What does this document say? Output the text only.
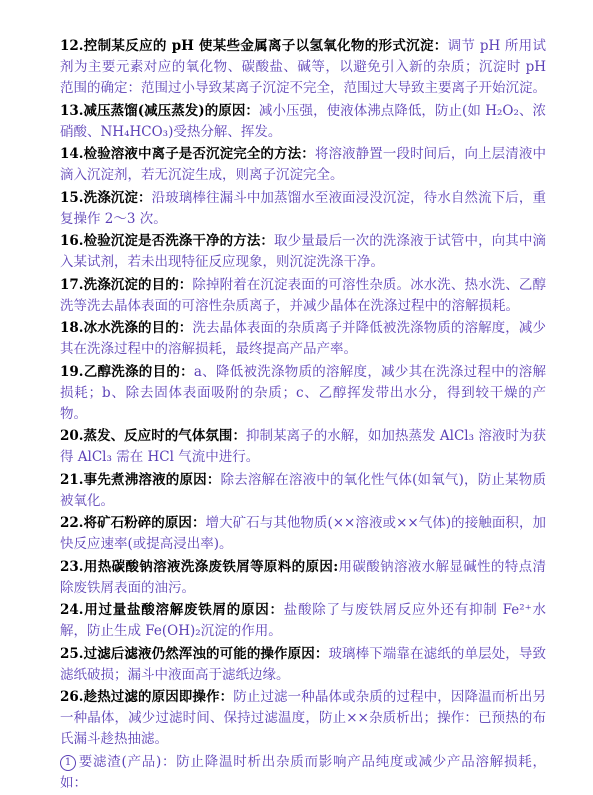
12.控制某反应的 pH 使某些金属离子以氢氧化物的形式沉淀：调节 pH 所用试剂为主要元素对应的氧化物、碳酸盐、碱等，以避免引入新的杂质；沉淀时 pH 范围的确定：范围过小导致某离子沉淀不完全，范围过大导致主要离子开始沉淀。
13.减压蒸馏(减压蒸发)的原因：减小压强，使液体沸点降低，防止(如 H₂O₂、浓硝酸、NH₄HCO₃)受热分解、挥发。
14.检验溶液中离子是否沉淀完全的方法：将溶液静置一段时间后，向上层清液中滴入沉淀剂，若无沉淀生成，则离子沉淀完全。
15.洗涤沉淀：沿玻璃棒往漏斗中加蒸馏水至液面浸没沉淀，待水自然流下后，重复操作 2～3 次。
16.检验沉淀是否洗涤干净的方法：取少量最后一次的洗涤液于试管中，向其中滴入某试剂，若未出现特征反应现象，则沉淀洗涤干净。
17.洗涤沉淀的目的：除掉附着在沉淀表面的可溶性杂质。冰水洗、热水洗、乙醇洗等洗去晶体表面的可溶性杂质离子，并减少晶体在洗涤过程中的溶解损耗。
18.冰水洗涤的目的：洗去晶体表面的杂质离子并降低被洗涤物质的溶解度，减少其在洗涤过程中的溶解损耗，最终提高产品产率。
19.乙醇洗涤的目的：a、降低被洗涤物质的溶解度，减少其在洗涤过程中的溶解损耗；b、除去固体表面吸附的杂质；c、乙醇挥发带出水分，得到较干燥的产物。
20.蒸发、反应时的气体氛围：抑制某离子的水解，如加热蒸发 AlCl₃ 溶液时为获得 AlCl₃ 需在 HCl 气流中进行。
21.事先煮沸溶液的原因：除去溶解在溶液中的氧化性气体(如氧气)，防止某物质被氧化。
22.将矿石粉碎的原因：增大矿石与其他物质(××溶液或××气体)的接触面积，加快反应速率(或提高浸出率)。
23.用热碳酸钠溶液洗涤废铁屑等原料的原因:用碳酸钠溶液水解显碱性的特点清除废铁屑表面的油污。
24.用过量盐酸溶解废铁屑的原因：盐酸除了与废铁屑反应外还有抑制 Fe²⁺水解，防止生成 Fe(OH)₂沉淀的作用。
25.过滤后滤液仍然浑浊的可能的操作原因：玻璃棒下端靠在滤纸的单层处，导致滤纸破损；漏斗中液面高于滤纸边缘。
26.趁热过滤的原因即操作：防止过滤一种晶体或杂质的过程中，因降温而析出另一种晶体，减少过滤时间、保持过滤温度，防止××杂质析出；操作：已预热的布氏漏斗趁热抽滤。
1 要滤渣(产品)：防止降温时析出杂质而影响产品纯度或减少产品溶解损耗，如：
